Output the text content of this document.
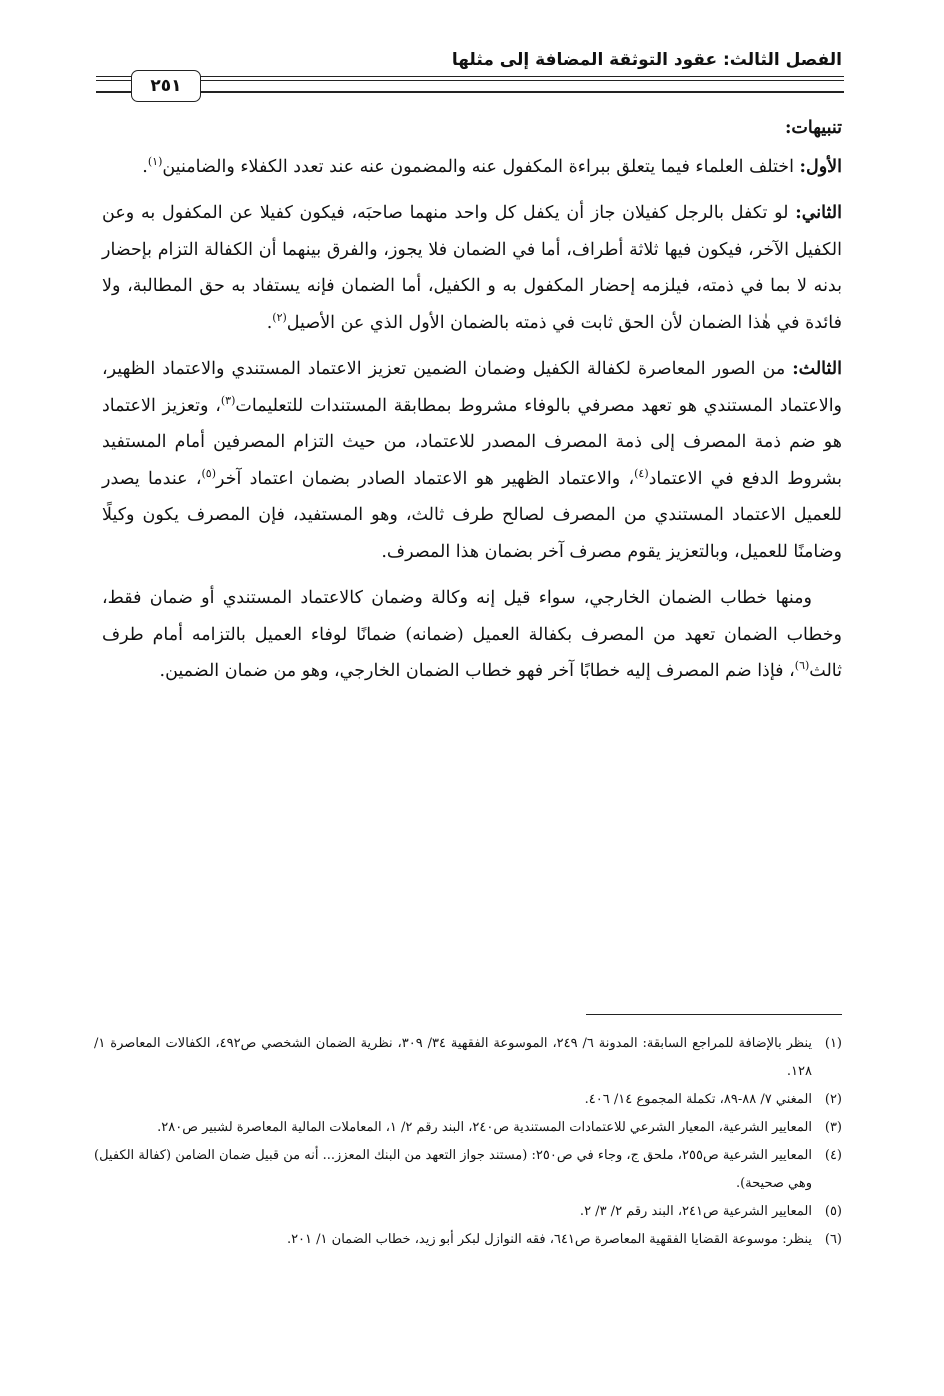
الفصل الثالث: عقود التوثقة المضافة إلى مثلها
٢٥١

تنبيهات:

الأول: اختلف العلماء فيما يتعلق ببراءة المكفول عنه والمضمون عنه عند تعدد الكفلاء والضامنين$^{(١)}$.

الثاني: لو تكفل بالرجل كفيلان جاز أن يكفل كل واحد منهما صاحبَه، فيكون كفيلا عن المكفول به وعن الكفيل الآخر، فيكون فيها ثلاثة أطراف، أما في الضمان فلا يجوز، والفرق بينهما أن الكفالة التزام بإحضار بدنه لا بما في ذمته، فيلزمه إحضار المكفول به و الكفيل، أما الضمان فإنه يستفاد به حق المطالبة، ولا فائدة في هٰذا الضمان لأن الحق ثابت في ذمته بالضمان الأول الذي عن الأصيل$^{(٢)}$.

الثالث: من الصور المعاصرة لكفالة الكفيل وضمان الضمين تعزيز الاعتماد المستندي والاعتماد الظهير، والاعتماد المستندي هو تعهد مصرفي بالوفاء مشروط بمطابقة المستندات للتعليمات$^{(٣)}$، وتعزيز الاعتماد هو ضم ذمة المصرف إلى ذمة المصرف المصدر للاعتماد، من حيث التزام المصرفين أمام المستفيد بشروط الدفع في الاعتماد$^{(٤)}$، والاعتماد الظهير هو الاعتماد الصادر بضمان اعتماد آخر$^{(٥)}$، عندما يصدر للعميل الاعتماد المستندي من المصرف لصالح طرف ثالث، وهو المستفيد، فإن المصرف يكون وكيلًا وضامنًا للعميل، وبالتعزيز يقوم مصرف آخر بضمان هذا المصرف.

ومنها خطاب الضمان الخارجي، سواء قيل إنه وكالة وضمان كالاعتماد المستندي أو ضمان فقط، وخطاب الضمان تعهد من المصرف بكفالة العميل (ضمانه) ضمانًا لوفاء العميل بالتزامه أمام طرف ثالث$^{(٦)}$، فإذا ضم المصرف إليه خطابًا آخر فهو خطاب الضمان الخارجي، وهو من ضمان الضمين.

(١)
ينظر بالإضافة للمراجع السابقة: المدونة ٦/ ٢٤٩، الموسوعة الفقهية ٣٤/ ٣٠٩، نظرية الضمان الشخصي ص٤٩٢، الكفالات المعاصرة ١/ ١٢٨.

(٢)
المغني ٧/ ٨٨-٨٩، تكملة المجموع ١٤/ ٤٠٦.

(٣)
المعايير الشرعية، المعيار الشرعي للاعتمادات المستندية ص٢٤٠، البند رقم ٢/ ١، المعاملات المالية المعاصرة لشبير ص٢٨٠.

(٤)
المعايير الشرعية ص٢٥٥، ملحق ج، وجاء في ص٢٥٠: (مستند جواز التعهد من البنك المعزز... أنه من قبيل ضمان الضامن (كفالة الكفيل) وهي صحيحة).

(٥)
المعايير الشرعية ص٢٤١، البند رقم ٢/ ٣/ ٢.

(٦)
ينظر: موسوعة القضايا الفقهية المعاصرة ص٦٤١، فقه النوازل لبكر أبو زيد، خطاب الضمان ١/ ٢٠١.
